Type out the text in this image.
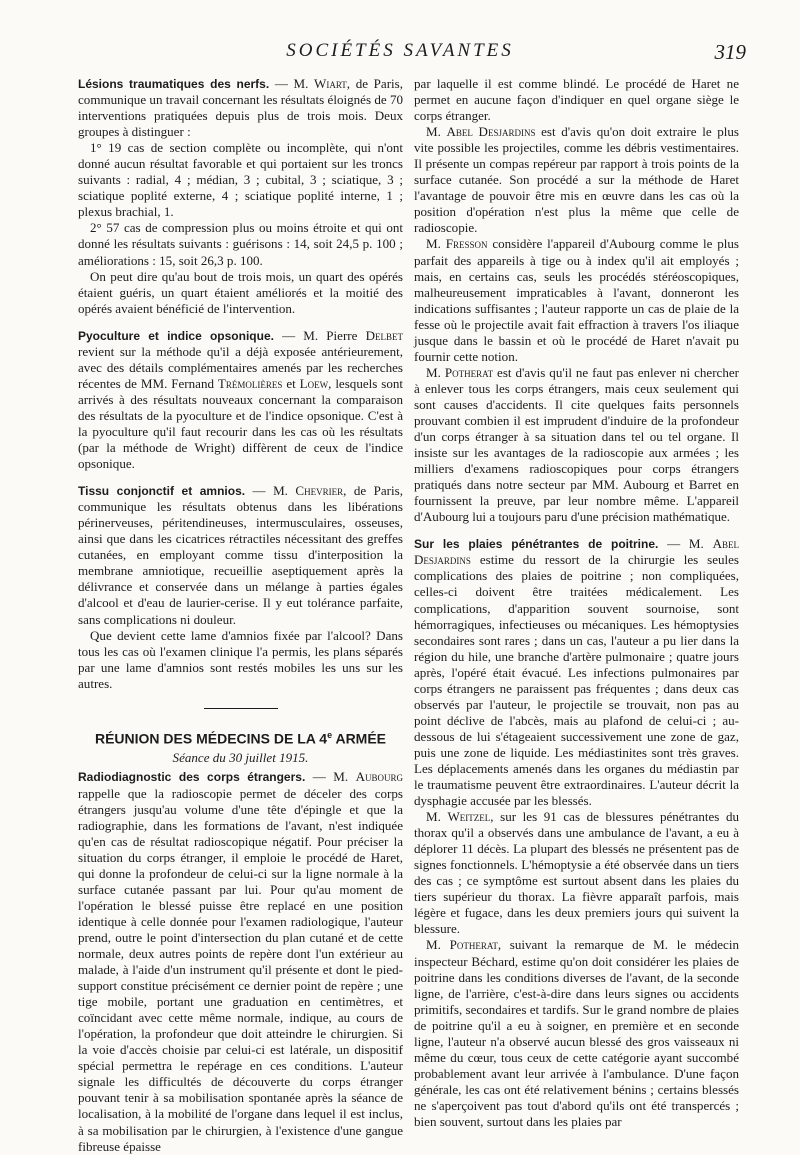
SOCIÉTÉS SAVANTES	319

Lésions traumatiques des nerfs. — M. Wiart, de Paris, communique un travail concernant les résultats éloignés de 70 interventions pratiquées depuis plus de trois mois. Deux groupes à distinguer :

1° 19 cas de section complète ou incomplète, qui n'ont donné aucun résultat favorable et qui portaient sur les troncs suivants : radial, 4 ; médian, 3 ; cubital, 3 ; sciatique, 3 ; sciatique poplité externe, 4 ; sciatique poplité interne, 1 ; plexus brachial, 1.

2° 57 cas de compression plus ou moins étroite et qui ont donné les résultats suivants : guérisons : 14, soit 24,5 p. 100 ; améliorations : 15, soit 26,3 p. 100.

On peut dire qu'au bout de trois mois, un quart des opérés étaient guéris, un quart étaient améliorés et la moitié des opérés avaient bénéficié de l'intervention.

Pyoculture et indice opsonique. — M. Pierre Delbet revient sur la méthode qu'il a déjà exposée antérieurement, avec des détails complémentaires amenés par les recherches récentes de MM. Fernand Trémolières et Loew, lesquels sont arrivés à des résultats nouveaux concernant la comparaison des résultats de la pyoculture et de l'indice opsonique. C'est à la pyoculture qu'il faut recourir dans les cas où les résultats (par la méthode de Wright) diffèrent de ceux de l'indice opsonique.

Tissu conjonctif et amnios. — M. Chevrier, de Paris, communique les résultats obtenus dans les libérations périnerveuses, péritendineuses, intermusculaires, osseuses, ainsi que dans les cicatrices rétractiles nécessitant des greffes cutanées, en employant comme tissu d'interposition la membrane amniotique, recueillie aseptiquement après la délivrance et conservée dans un mélange à parties égales d'alcool et d'eau de laurier-cerise. Il y eut tolérance parfaite, sans complications ni douleur.

Que devient cette lame d'amnios fixée par l'alcool? Dans tous les cas où l'examen clinique l'a permis, les plans séparés par une lame d'amnios sont restés mobiles les uns sur les autres.

RÉUNION DES MÉDECINS DE LA 4e ARMÉE
Séance du 30 juillet 1915.

Radiodiagnostic des corps étrangers. — M. Aubourg rappelle que la radioscopie permet de déceler des corps étrangers jusqu'au volume d'une tête d'épingle et que la radiographie, dans les formations de l'avant, n'est indiquée qu'en cas de résultat radioscopique négatif. Pour préciser la situation du corps étranger, il emploie le procédé de Haret, qui donne la profondeur de celui-ci sur la ligne normale à la surface cutanée passant par lui. Pour qu'au moment de l'opération le blessé puisse être replacé en une position identique à celle donnée pour l'examen radiologique, l'auteur prend, outre le point d'intersection du plan cutané et de cette normale, deux autres points de repère dont l'un extérieur au malade, à l'aide d'un instrument qu'il présente et dont le pied-support constitue précisément ce dernier point de repère ; une tige mobile, portant une graduation en centimètres, et coïncidant avec cette même normale, indique, au cours de l'opération, la profondeur que doit atteindre le chirurgien. Si la voie d'accès choisie par celui-ci est latérale, un dispositif spécial permettra le repérage en ces conditions. L'auteur signale les difficultés de découverte du corps étranger pouvant tenir à sa mobilisation spontanée après la séance de localisation, à la mobilité de l'organe dans lequel il est inclus, à sa mobilisation par le chirurgien, à l'existence d'une gangue fibreuse épaisse

par laquelle il est comme blindé. Le procédé de Haret ne permet en aucune façon d'indiquer en quel organe siège le corps étranger.

M. Abel Desjardins est d'avis qu'on doit extraire le plus vite possible les projectiles, comme les débris vestimentaires. Il présente un compas repéreur par rapport à trois points de la surface cutanée. Son procédé a sur la méthode de Haret l'avantage de pouvoir être mis en œuvre dans les cas où la position d'opération n'est plus la même que celle de radioscopie.

M. Fresson considère l'appareil d'Aubourg comme le plus parfait des appareils à tige ou à index qu'il ait employés ; mais, en certains cas, seuls les procédés stéréoscopiques, malheureusement impraticables à l'avant, donneront les indications suffisantes ; l'auteur rapporte un cas de plaie de la fesse où le projectile avait fait effraction à travers l'os iliaque jusque dans le bassin et où le procédé de Haret n'avait pu fournir cette notion.

M. Potherat est d'avis qu'il ne faut pas enlever ni chercher à enlever tous les corps étrangers, mais ceux seulement qui sont causes d'accidents. Il cite quelques faits personnels prouvant combien il est imprudent d'induire de la profondeur d'un corps étranger à sa situation dans tel ou tel organe. Il insiste sur les avantages de la radioscopie aux armées ; les milliers d'examens radioscopiques pour corps étrangers pratiqués dans notre secteur par MM. Aubourg et Barret en fournissent la preuve, par leur nombre même. L'appareil d'Aubourg lui a toujours paru d'une précision mathématique.

Sur les plaies pénétrantes de poitrine. — M. Abel Desjardins estime du ressort de la chirurgie les seules complications des plaies de poitrine ; non compliquées, celles-ci doivent être traitées médicalement. Les complications, d'apparition souvent sournoise, sont hémorragiques, infectieuses ou mécaniques. Les hémoptysies secondaires sont rares ; dans un cas, l'auteur a pu lier dans la région du hile, une branche d'artère pulmonaire ; quatre jours après, l'opéré était évacué. Les infections pulmonaires par corps étrangers ne paraissent pas fréquentes ; dans deux cas observés par l'auteur, le projectile se trouvait, non pas au point déclive de l'abcès, mais au plafond de celui-ci ; au-dessous de lui s'étageaient successivement une zone de gaz, puis une zone de liquide. Les médiastinites sont très graves. Les déplacements amenés dans les organes du médiastin par le traumatisme peuvent être extraordinaires. L'auteur décrit la dysphagie accusée par les blessés.

M. Weitzel, sur les 91 cas de blessures pénétrantes du thorax qu'il a observés dans une ambulance de l'avant, a eu à déplorer 11 décès. La plupart des blessés ne présentent pas de signes fonctionnels. L'hémoptysie a été observée dans un tiers des cas ; ce symptôme est surtout absent dans les plaies du tiers supérieur du thorax. La fièvre apparaît parfois, mais légère et fugace, dans les deux premiers jours qui suivent la blessure.

M. Potherat, suivant la remarque de M. le médecin inspecteur Béchard, estime qu'on doit considérer les plaies de poitrine dans les conditions diverses de l'avant, de la seconde ligne, de l'arrière, c'est-à-dire dans leurs signes ou accidents primitifs, secondaires et tardifs. Sur le grand nombre de plaies de poitrine qu'il a eu à soigner, en première et en seconde ligne, l'auteur n'a observé aucun blessé des gros vaisseaux ni même du cœur, tous ceux de cette catégorie ayant succombé probablement avant leur arrivée à l'ambulance. D'une façon générale, les cas ont été relativement bénins ; certains blessés ne s'aperçoivent pas tout d'abord qu'ils ont été transpercés ; bien souvent, surtout dans les plaies par
